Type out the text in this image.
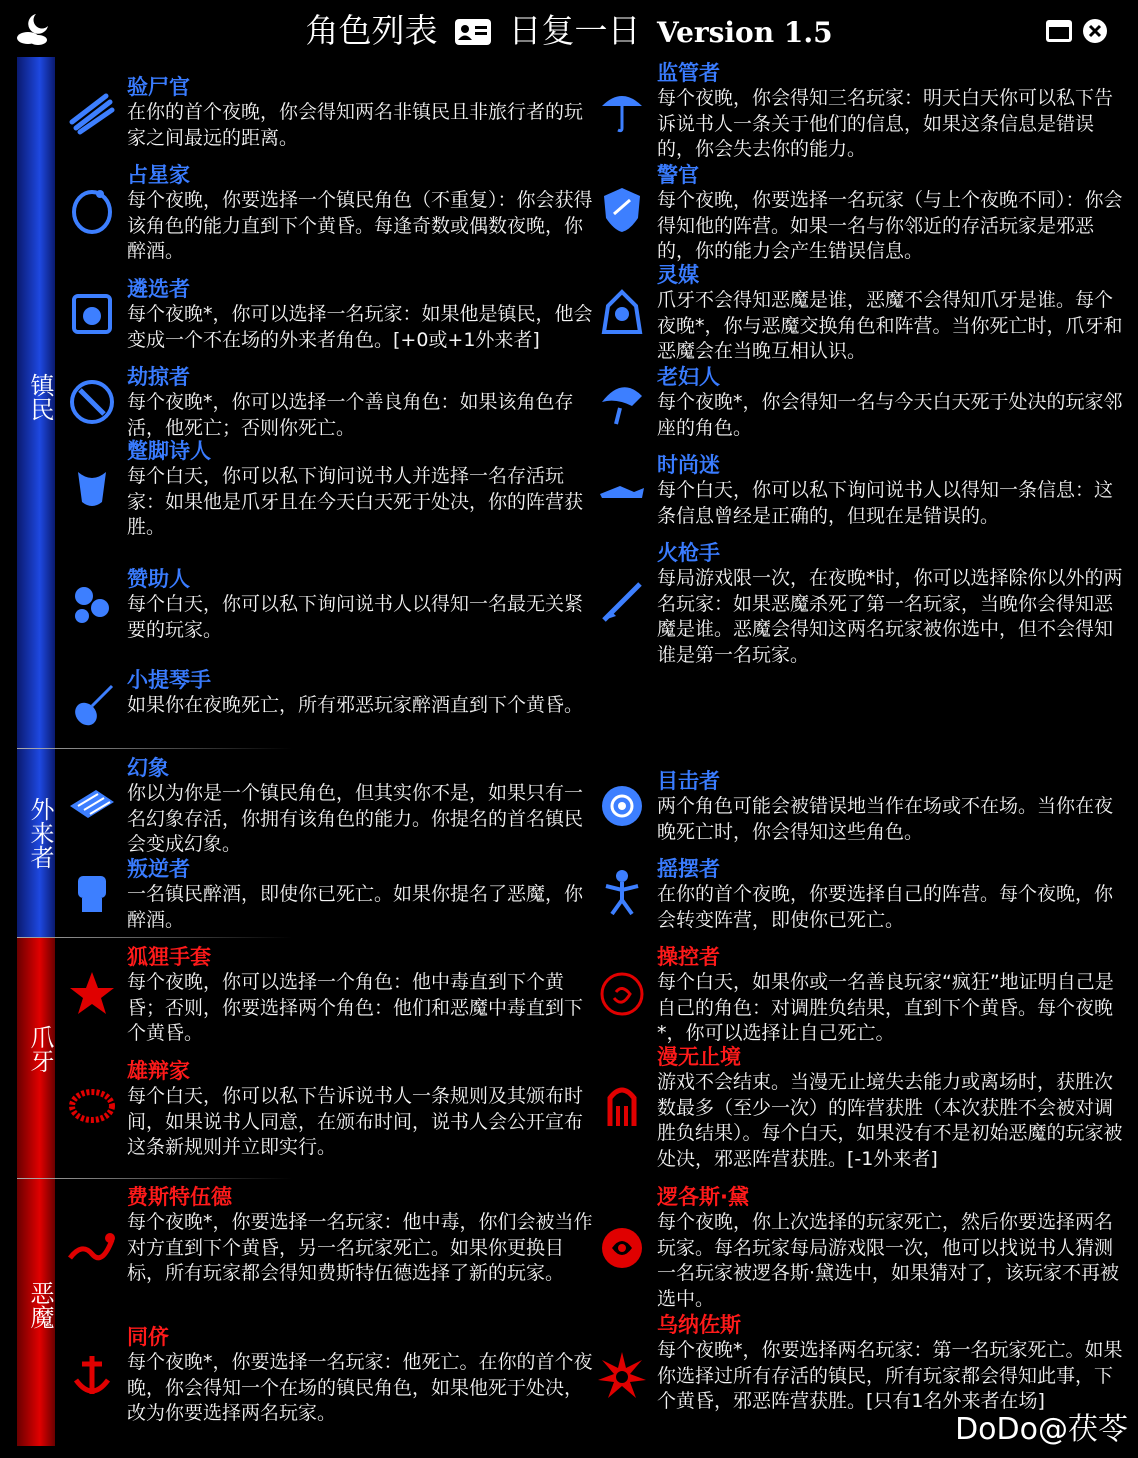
角色列表 日复一日 Version 1.5

镇民
外来者
爪牙
恶魔
验尸官
在你的首个夜晚，你会得知两名非镇民且非旅行者的玩家之间最远的距离。
监管者
每个夜晚，你会得知三名玩家：明天白天你可以私下告诉说书人一条关于他们的信息，如果这条信息是错误的，你会失去你的能力。
占星家
每个夜晚，你要选择一个镇民角色（不重复）：你会获得该角色的能力直到下个黄昏。每逢奇数或偶数夜晚，你醉酒。
警官
每个夜晚，你要选择一名玩家（与上个夜晚不同）：你会得知他的阵营。如果一名与你邻近的存活玩家是邪恶的，你的能力会产生错误信息。
遴选者
每个夜晚*，你可以选择一名玩家：如果他是镇民，他会变成一个不在场的外来者角色。[+0或+1外来者]
灵媒
爪牙不会得知恶魔是谁，恶魔不会得知爪牙是谁。每个夜晚*，你与恶魔交换角色和阵营。当你死亡时，爪牙和恶魔会在当晚互相认识。
劫掠者
每个夜晚*，你可以选择一个善良角色：如果该角色存活，他死亡；否则你死亡。
老妇人
每个夜晚*，你会得知一名与今天白天死于处决的玩家邻座的角色。
蹩脚诗人
每个白天，你可以私下询问说书人并选择一名存活玩家：如果他是爪牙且在今天白天死于处决，你的阵营获胜。
时尚迷
每个白天，你可以私下询问说书人以得知一条信息：这条信息曾经是正确的，但现在是错误的。
赞助人
每个白天，你可以私下询问说书人以得知一名最无关紧要的玩家。
火枪手
每局游戏限一次，在夜晚*时，你可以选择除你以外的两名玩家：如果恶魔杀死了第一名玩家，当晚你会得知恶魔是谁。恶魔会得知这两名玩家被你选中，但不会得知谁是第一名玩家。
小提琴手
如果你在夜晚死亡，所有邪恶玩家醉酒直到下个黄昏。
幻象
你以为你是一个镇民角色，但其实你不是，如果只有一名幻象存活，你拥有该角色的能力。你提名的首名镇民会变成幻象。
目击者
两个角色可能会被错误地当作在场或不在场。当你在夜晚死亡时，你会得知这些角色。
叛逆者
一名镇民醉酒，即使你已死亡。如果你提名了恶魔，你醉酒。
摇摆者
在你的首个夜晚，你要选择自己的阵营。每个夜晚，你会转变阵营，即使你已死亡。
狐狸手套
每个夜晚，你可以选择一个角色：他中毒直到下个黄昏；否则，你要选择两个角色：他们和恶魔中毒直到下个黄昏。
操控者
每个白天，如果你或一名善良玩家“疯狂”地证明自己是自己的角色：对调胜负结果，直到下个黄昏。每个夜晚*，你可以选择让自己死亡。
雄辩家
每个白天，你可以私下告诉说书人一条规则及其颁布时间，如果说书人同意，在颁布时间，说书人会公开宣布这条新规则并立即实行。
漫无止境
游戏不会结束。当漫无止境失去能力或离场时，获胜次数最多（至少一次）的阵营获胜（本次获胜不会被对调胜负结果）。每个白天，如果没有不是初始恶魔的玩家被处决，邪恶阵营获胜。[-1外来者]
费斯特伍德
每个夜晚*，你要选择一名玩家：他中毒，你们会被当作对方直到下个黄昏，另一名玩家死亡。如果你更换目标，所有玩家都会得知费斯特伍德选择了新的玩家。
逻各斯·黛
每个夜晚，你上次选择的玩家死亡，然后你要选择两名玩家。每名玩家每局游戏限一次，他可以找说书人猜测一名玩家被逻各斯·黛选中，如果猜对了，该玩家不再被选中。
同侪
每个夜晚*，你要选择一名玩家：他死亡。在你的首个夜晚，你会得知一个在场的镇民角色，如果他死于处决，改为你要选择两名玩家。
乌纳佐斯
每个夜晚*，你要选择两名玩家：第一名玩家死亡。如果你选择过所有存活的镇民，所有玩家都会得知此事，下个黄昏，邪恶阵营获胜。[只有1名外来者在场]
DoDo@茯苓
